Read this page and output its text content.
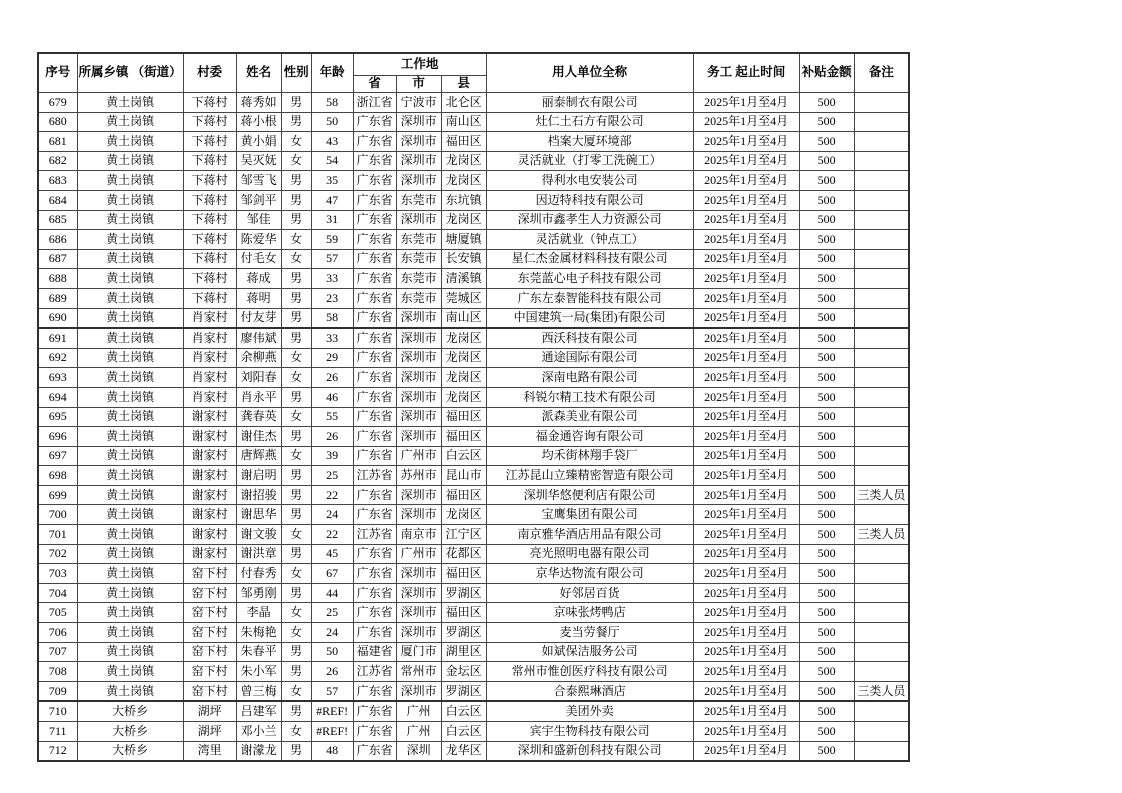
序号	所属乡镇 （街道）	村委	姓名	性别	年龄	工作地			用人单位全称	务工 起止时间	补贴金额	备注
						省	市	县				
679	黄土岗镇	下蒋村	蒋秀如	男	58	浙江省	宁波市	北仑区	丽泰制衣有限公司	2025年1月至4月	500	
680	黄土岗镇	下蒋村	蒋小根	男	50	广东省	深圳市	南山区	灶仁土石方有限公司	2025年1月至4月	500	
681	黄土岗镇	下蒋村	黄小娟	女	43	广东省	深圳市	福田区	档案大厦环境部	2025年1月至4月	500	
682	黄土岗镇	下蒋村	吴灭妩	女	54	广东省	深圳市	龙岗区	灵活就业（打零工洗碗工）	2025年1月至4月	500	
683	黄土岗镇	下蒋村	邹雪飞	男	35	广东省	深圳市	龙岗区	得利水电安装公司	2025年1月至4月	500	
684	黄土岗镇	下蒋村	邹剑平	男	47	广东省	东莞市	东坑镇	因迈特科技有限公司	2025年1月至4月	500	
685	黄土岗镇	下蒋村	邹佳	男	31	广东省	深圳市	龙岗区	深圳市鑫孝生人力资源公司	2025年1月至4月	500	
686	黄土岗镇	下蒋村	陈爱华	女	59	广东省	东莞市	塘厦镇	灵活就业（钟点工）	2025年1月至4月	500	
687	黄土岗镇	下蒋村	付毛女	女	57	广东省	东莞市	长安镇	星仁杰金属材料科技有限公司	2025年1月至4月	500	
688	黄土岗镇	下蒋村	蒋成	男	33	广东省	东莞市	清溪镇	东莞蓝心电子科技有限公司	2025年1月至4月	500	
689	黄土岗镇	下蒋村	蒋明	男	23	广东省	东莞市	莞城区	广东左泰智能科技有限公司	2025年1月至4月	500	
690	黄土岗镇	肖家村	付友芽	男	58	广东省	深圳市	南山区	中国建筑一局(集团)有限公司	2025年1月至4月	500	
691	黄土岗镇	肖家村	廖伟斌	男	33	广东省	深圳市	龙岗区	西沃科技有限公司	2025年1月至4月	500	
692	黄土岗镇	肖家村	余柳燕	女	29	广东省	深圳市	龙岗区	通途国际有限公司	2025年1月至4月	500	
693	黄土岗镇	肖家村	刘阳春	女	26	广东省	深圳市	龙岗区	深南电路有限公司	2025年1月至4月	500	
694	黄土岗镇	肖家村	肖永平	男	46	广东省	深圳市	龙岗区	科锐尔精工技术有限公司	2025年1月至4月	500	
695	黄土岗镇	谢家村	龚春英	女	55	广东省	深圳市	福田区	派森美业有限公司	2025年1月至4月	500	
696	黄土岗镇	谢家村	谢佳杰	男	26	广东省	深圳市	福田区	福金通咨询有限公司	2025年1月至4月	500	
697	黄土岗镇	谢家村	唐辉燕	女	39	广东省	广州市	白云区	均禾街林翔手袋厂	2025年1月至4月	500	
698	黄土岗镇	谢家村	谢启明	男	25	江苏省	苏州市	昆山市	江苏昆山立臻精密智造有限公司	2025年1月至4月	500	
699	黄土岗镇	谢家村	谢招骏	男	22	广东省	深圳市	福田区	深圳华悠便利店有限公司	2025年1月至4月	500	三类人员
700	黄土岗镇	谢家村	谢思华	男	24	广东省	深圳市	龙岗区	宝鹰集团有限公司	2025年1月至4月	500	
701	黄土岗镇	谢家村	谢文骏	女	22	江苏省	南京市	江宁区	南京雅华酒店用品有限公司	2025年1月至4月	500	三类人员
702	黄土岗镇	谢家村	谢洪章	男	45	广东省	广州市	花都区	亮光照明电器有限公司	2025年1月至4月	500	
703	黄土岗镇	窑下村	付春秀	女	67	广东省	深圳市	福田区	京华达物流有限公司	2025年1月至4月	500	
704	黄土岗镇	窑下村	邹勇刚	男	44	广东省	深圳市	罗湖区	好邻居百货	2025年1月至4月	500	
705	黄土岗镇	窑下村	李晶	女	25	广东省	深圳市	福田区	京味张烤鸭店	2025年1月至4月	500	
706	黄土岗镇	窑下村	朱梅艳	女	24	广东省	深圳市	罗湖区	麦当劳餐厅	2025年1月至4月	500	
707	黄土岗镇	窑下村	朱春平	男	50	福建省	厦门市	湖里区	如斌保洁服务公司	2025年1月至4月	500	
708	黄土岗镇	窑下村	朱小军	男	26	江苏省	常州市	金坛区	常州市惟创医疗科技有限公司	2025年1月至4月	500	
709	黄土岗镇	窑下村	曾三梅	女	57	广东省	深圳市	罗湖区	合泰熙琳酒店	2025年1月至4月	500	三类人员
710	大桥乡	湖坪	吕建军	男	#REF!	广东省	广州	白云区	美团外卖	2025年1月至4月	500	
711	大桥乡	湖坪	邓小兰	女	#REF!	广东省	广州	白云区	宾宇生物科技有限公司	2025年1月至4月	500	
712	大桥乡	湾里	谢濛龙	男	48	广东省	深圳	龙华区	深圳和盛新创科技有限公司	2025年1月至4月	500	
